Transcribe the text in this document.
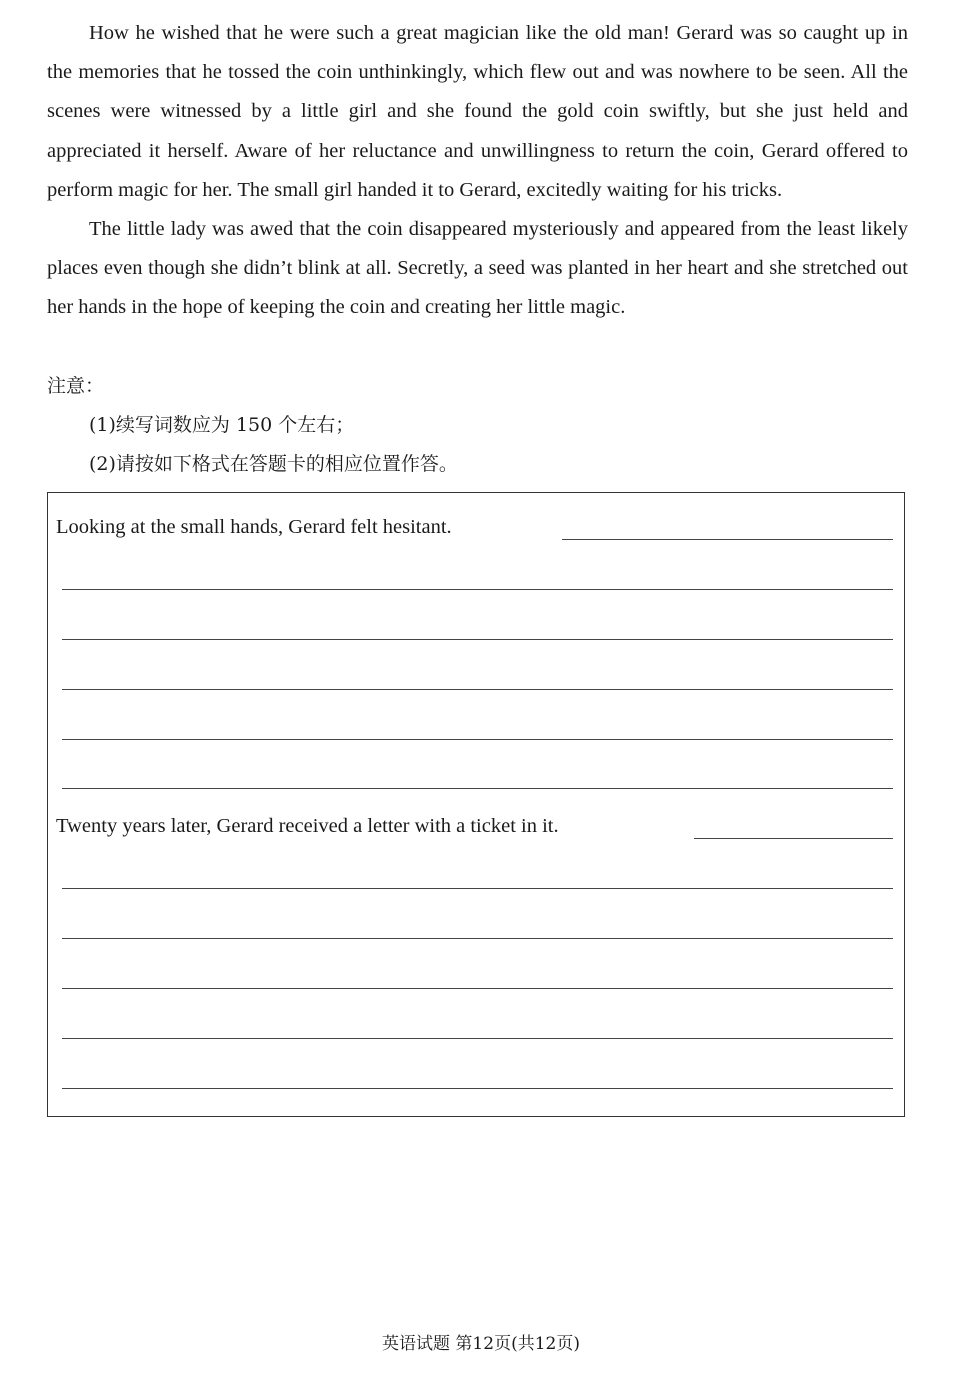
How he wished that he were such a great magician like the old man! Gerard was so caught up in the memories that he tossed the coin unthinkingly, which flew out and was nowhere to be seen. All the scenes were witnessed by a little girl and she found the gold coin swiftly, but she just held and appreciated it herself. Aware of her reluctance and unwillingness to return the coin, Gerard offered to perform magic for her. The small girl handed it to Gerard, excitedly waiting for his tricks.

The little lady was awed that the coin disappeared mysteriously and appeared from the least likely places even though she didn’t blink at all. Secretly, a seed was planted in her heart and she stretched out her hands in the hope of keeping the coin and creating her little magic.

注意：
(1)续写词数应为 150 个左右；
(2)请按如下格式在答题卡的相应位置作答。
Looking at the small hands, Gerard felt hesitant.
Twenty years later, Gerard received a letter with a ticket in it.
英语试题 第12页(共12页)
